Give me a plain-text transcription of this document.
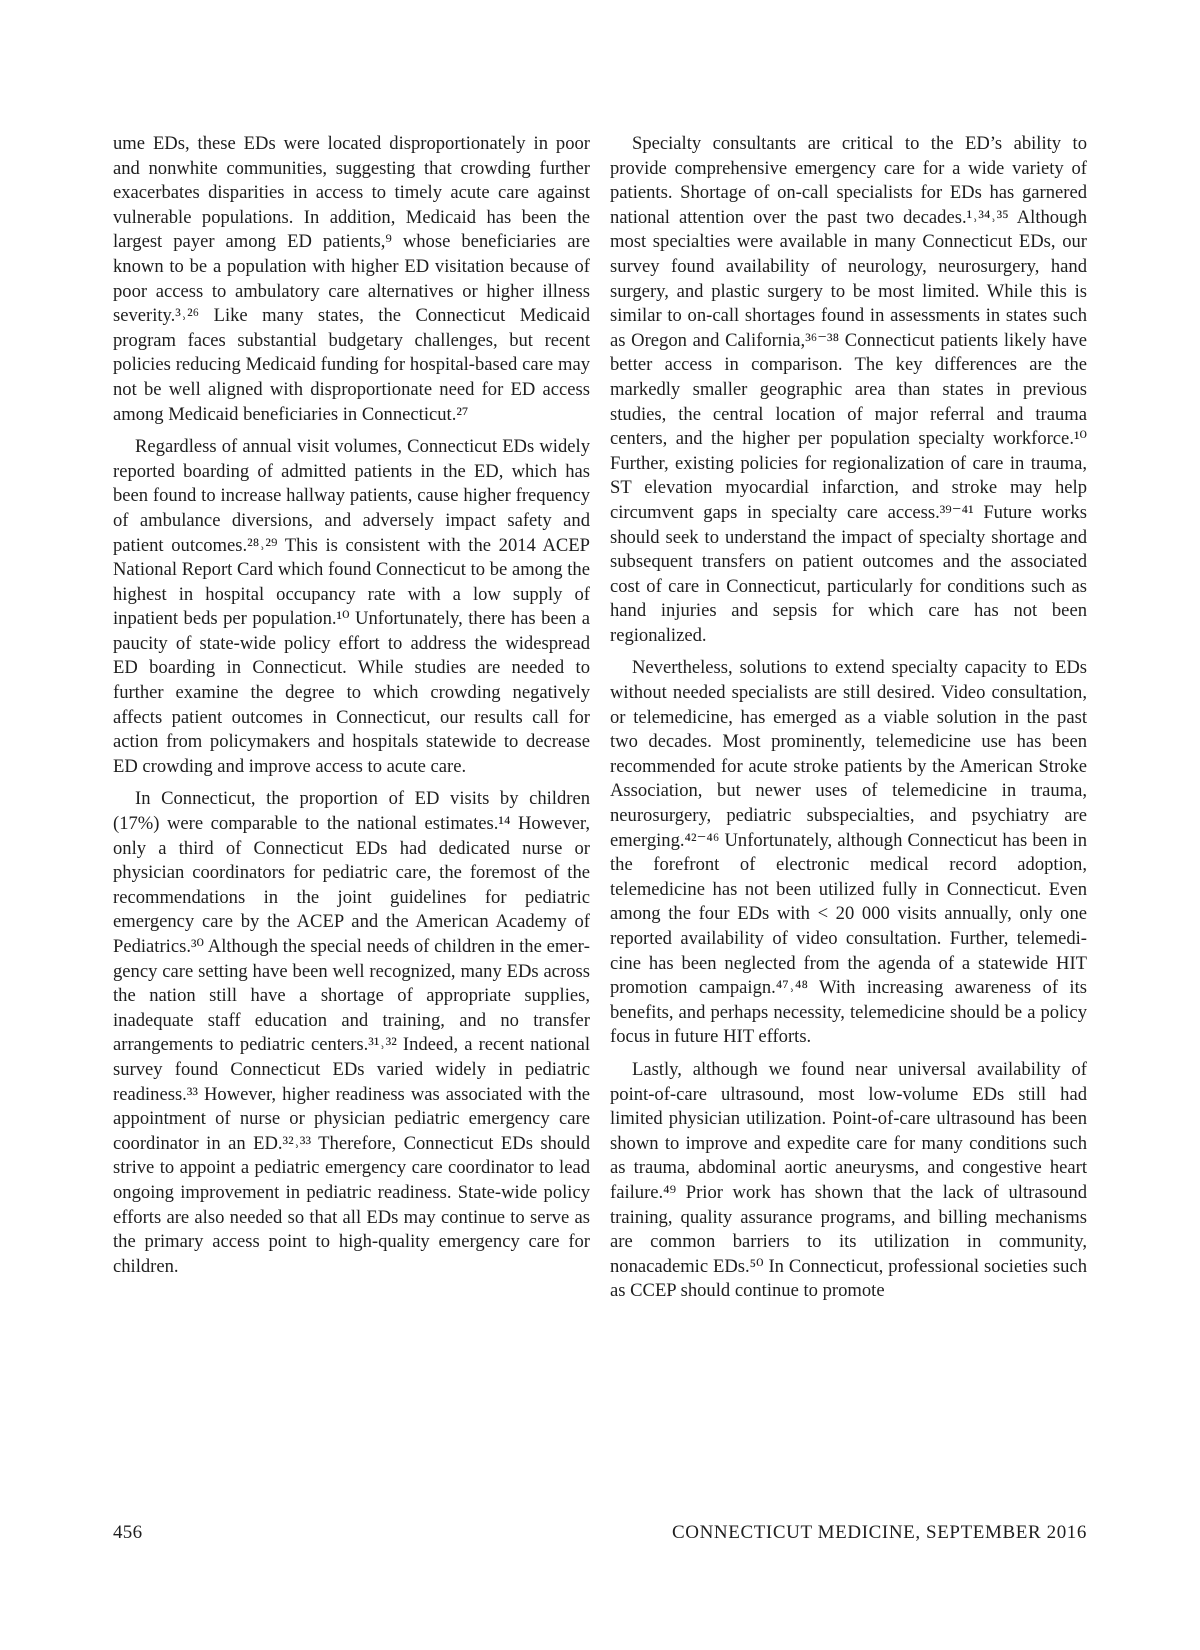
ume EDs, these EDs were located disproportionately in poor and nonwhite communities, suggesting that crowding further exacerbates disparities in access to timely acute care against vulnerable populations. In addition, Medicaid has been the largest payer among ED patients,⁹ whose beneficiaries are known to be a population with higher ED visitation because of poor access to ambulatory care alternatives or higher illness severity.³˒²⁶ Like many states, the Connecticut Medicaid program faces substantial budgetary challenges, but recent policies reducing Medicaid funding for hospital-based care may not be well aligned with disproportionate need for ED access among Medicaid beneficiaries in Connecticut.²⁷

Regardless of annual visit volumes, Connecticut EDs widely reported boarding of admitted patients in the ED, which has been found to increase hallway patients, cause higher frequency of ambulance diversions, and adversely impact safety and patient outcomes.²⁸˒²⁹ This is consistent with the 2014 ACEP National Report Card which found Connecticut to be among the highest in hospital occupancy rate with a low supply of inpatient beds per population.¹⁰ Unfortunately, there has been a paucity of state-wide policy effort to address the widespread ED boarding in Connecticut. While studies are needed to further examine the degree to which crowding negatively affects patient outcomes in Connecticut, our results call for action from policymakers and hospitals statewide to decrease ED crowding and improve access to acute care.

In Connecticut, the proportion of ED visits by children (17%) were comparable to the national estimates.¹⁴ However, only a third of Connecticut EDs had dedicated nurse or physician coordinators for pediatric care, the foremost of the recommendations in the joint guidelines for pediatric emergency care by the ACEP and the American Academy of Pediatrics.³⁰ Although the special needs of children in the emergency care setting have been well recognized, many EDs across the nation still have a shortage of appropriate supplies, inadequate staff education and training, and no transfer arrangements to pediatric centers.³¹˒³² Indeed, a recent national survey found Connecticut EDs varied widely in pediatric readiness.³³ However, higher readiness was associated with the appointment of nurse or physician pediatric emergency care coordinator in an ED.³²˒³³ Therefore, Connecticut EDs should strive to appoint a pediatric emergency care coordinator to lead ongoing improvement in pediatric readiness. State-wide policy efforts are also needed so that all EDs may continue to serve as the primary access point to high-quality emergency care for children.

Specialty consultants are critical to the ED’s ability to provide comprehensive emergency care for a wide variety of patients. Shortage of on-call specialists for EDs has garnered national attention over the past two decades.¹˒³⁴˒³⁵ Although most specialties were available in many Connecticut EDs, our survey found availability of neurology, neurosurgery, hand surgery, and plastic surgery to be most limited. While this is similar to on-call shortages found in assessments in states such as Oregon and California,³⁶⁻³⁸ Connecticut patients likely have better access in comparison. The key differences are the markedly smaller geographic area than states in previous studies, the central location of major referral and trauma centers, and the higher per population specialty workforce.¹⁰ Further, existing policies for regionalization of care in trauma, ST elevation myocardial infarction, and stroke may help circumvent gaps in specialty care access.³⁹⁻⁴¹ Future works should seek to understand the impact of specialty shortage and subsequent transfers on patient outcomes and the associated cost of care in Connecticut, particularly for conditions such as hand injuries and sepsis for which care has not been regionalized.

Nevertheless, solutions to extend specialty capacity to EDs without needed specialists are still desired. Video consultation, or telemedicine, has emerged as a viable solution in the past two decades. Most prominently, telemedicine use has been recommended for acute stroke patients by the American Stroke Association, but newer uses of telemedicine in trauma, neurosurgery, pediatric subspecialties, and psychiatry are emerging.⁴²⁻⁴⁶ Unfortunately, although Connecticut has been in the forefront of electronic medical record adoption, telemedicine has not been utilized fully in Connecticut. Even among the four EDs with < 20 000 visits annually, only one reported availability of video consultation. Further, telemedicine has been neglected from the agenda of a statewide HIT promotion campaign.⁴⁷˒⁴⁸ With increasing awareness of its benefits, and perhaps necessity, telemedicine should be a policy focus in future HIT efforts.

Lastly, although we found near universal availability of point-of-care ultrasound, most low-volume EDs still had limited physician utilization. Point-of-care ultrasound has been shown to improve and expedite care for many conditions such as trauma, abdominal aortic aneurysms, and congestive heart failure.⁴⁹ Prior work has shown that the lack of ultrasound training, quality assurance programs, and billing mechanisms are common barriers to its utilization in community, nonacademic EDs.⁵⁰ In Connecticut, professional societies such as CCEP should continue to promote

456	CONNECTICUT MEDICINE, SEPTEMBER 2016
